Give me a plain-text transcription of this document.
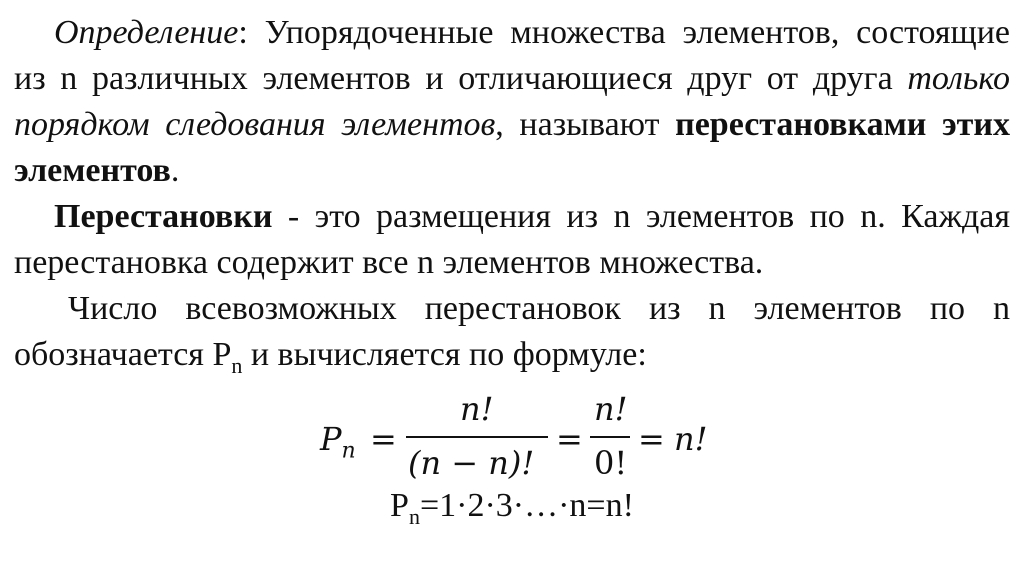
Определение: Упорядоченные множества элементов, состоящие из n различных элементов и отличающиеся друг от друга только порядком следования элементов, называют перестановками этих элементов.

Перестановки - это размещения из n элементов по n. Каждая перестановка содержит все n элементов множества.

Число всевозможных перестановок из n элементов по n обозначается $P_n$ и вычисляется по формуле:

$P_n$ =
n!
(n − n)!
=
n!
0!
= n!
$P_n=1\cdot 2\cdot 3\cdot\dots\cdot n=n$!
